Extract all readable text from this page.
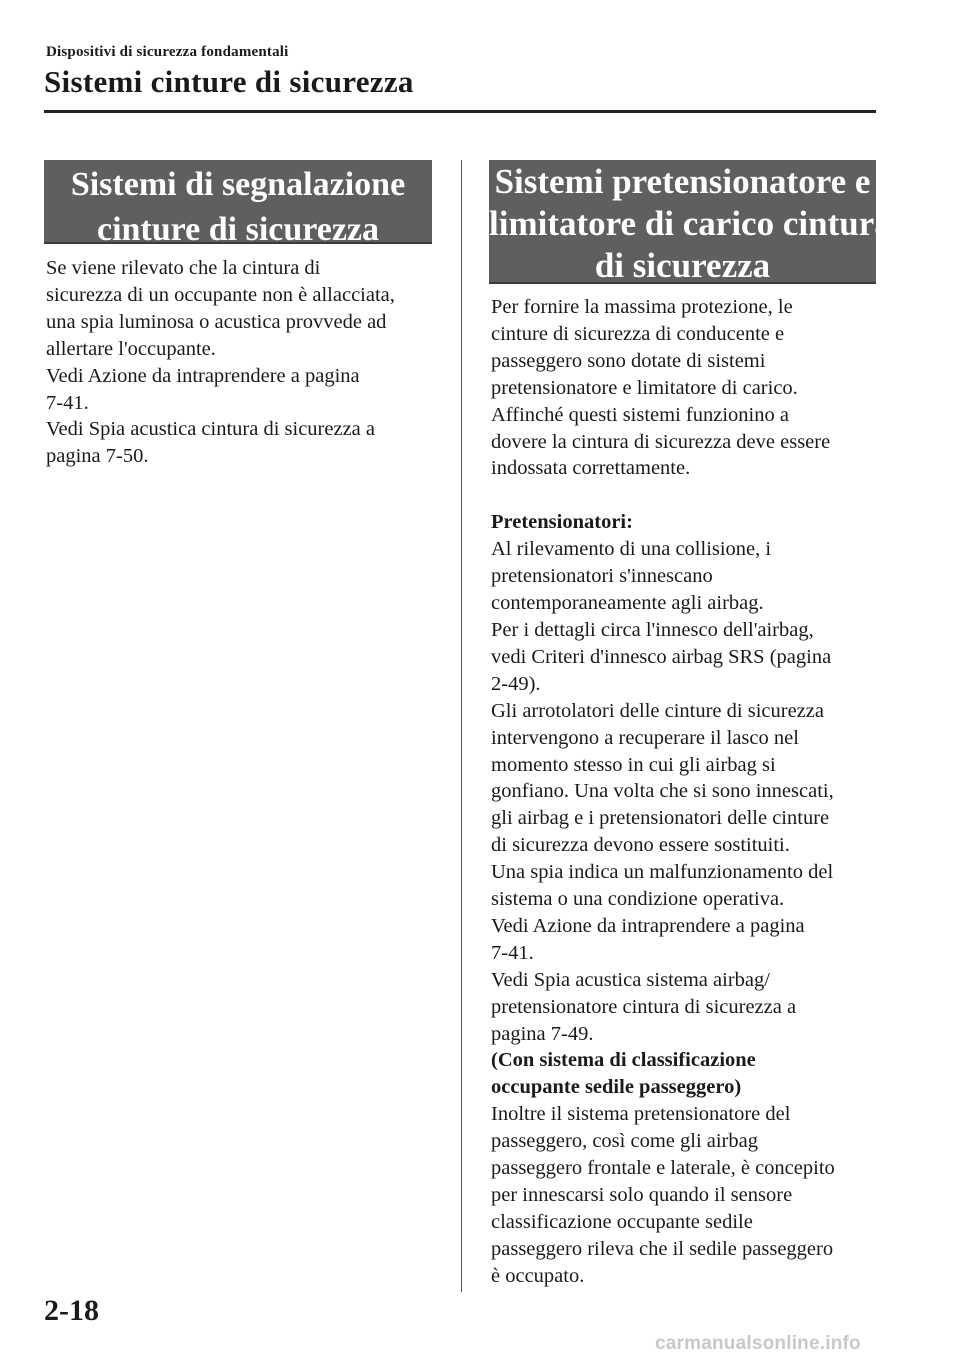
Dispositivi di sicurezza fondamentali
Sistemi cinture di sicurezza
Sistemi di segnalazione
cinture di sicurezza

Se viene rilevato che la cintura di

sicurezza di un occupante non è allacciata,

una spia luminosa o acustica provvede ad

allertare l'occupante.

Vedi Azione da intraprendere a pagina

7-41.

Vedi Spia acustica cintura di sicurezza a

pagina 7-50.

Sistemi pretensionatore e
limitatore di carico cintura
di sicurezza

Per fornire la massima protezione, le

cinture di sicurezza di conducente e

passeggero sono dotate di sistemi

pretensionatore e limitatore di carico.

Affinché questi sistemi funzionino a

dovere la cintura di sicurezza deve essere

indossata correttamente.

Pretensionatori:

Al rilevamento di una collisione, i

pretensionatori s'innescano

contemporaneamente agli airbag.

Per i dettagli circa l'innesco dell'airbag,

vedi Criteri d'innesco airbag SRS (pagina

2-49).

Gli arrotolatori delle cinture di sicurezza

intervengono a recuperare il lasco nel

momento stesso in cui gli airbag si

gonfiano. Una volta che si sono innescati,

gli airbag e i pretensionatori delle cinture

di sicurezza devono essere sostituiti.

Una spia indica un malfunzionamento del

sistema o una condizione operativa.

Vedi Azione da intraprendere a pagina

7-41.

Vedi Spia acustica sistema airbag/

pretensionatore cintura di sicurezza a

pagina 7-49.

(Con sistema di classificazione

occupante sedile passeggero)

Inoltre il sistema pretensionatore del

passeggero, così come gli airbag

passeggero frontale e laterale, è concepito

per innescarsi solo quando il sensore

classificazione occupante sedile

passeggero rileva che il sedile passeggero

è occupato.

2-18
carmanualsonline.info
